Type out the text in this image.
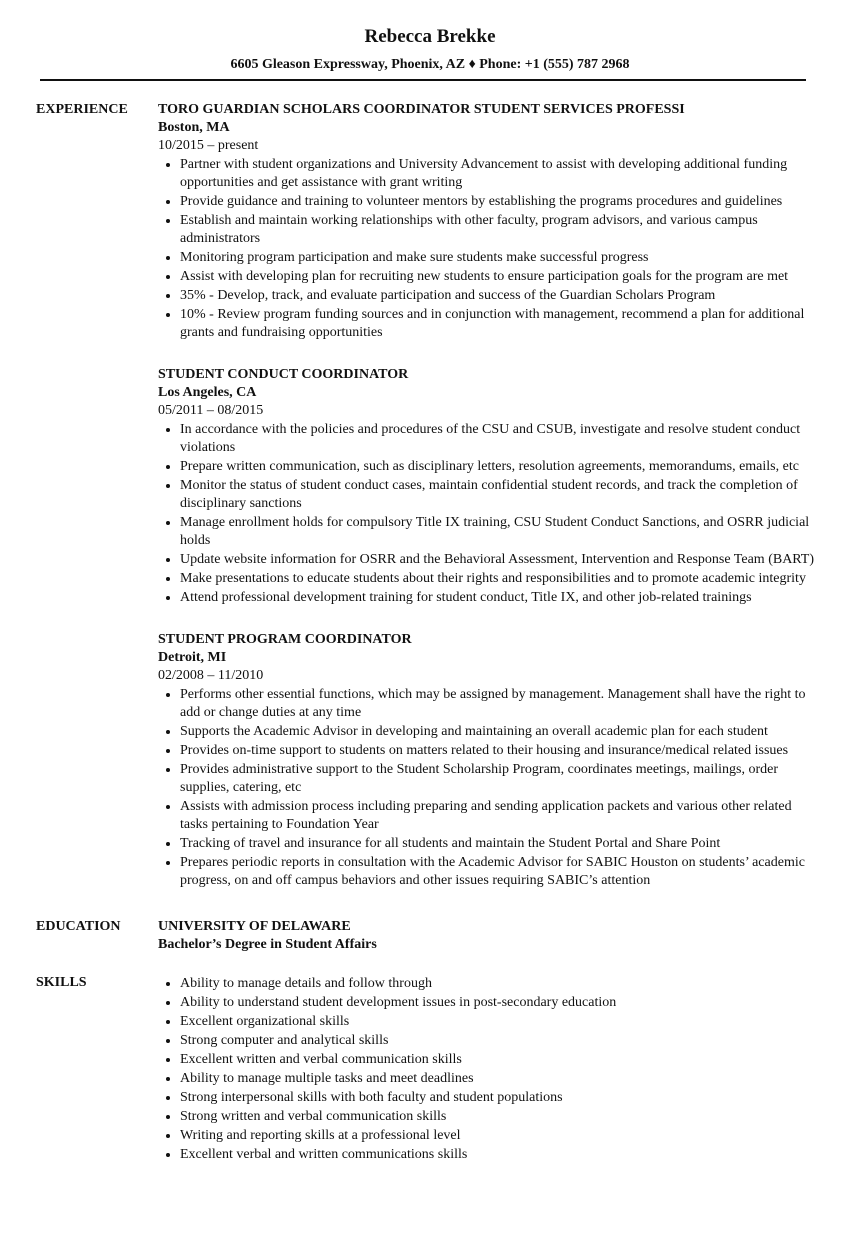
Rebecca Brekke
6605 Gleason Expressway, Phoenix, AZ ♦ Phone: +1 (555) 787 2968
EXPERIENCE TORO GUARDIAN SCHOLARS COORDINATOR STUDENT SERVICES PROFESSI
Boston, MA
10/2015 – present
• Partner with student organizations and University Advancement to assist with developing additional funding opportunities and get assistance with grant writing
• Provide guidance and training to volunteer mentors by establishing the programs procedures and guidelines
• Establish and maintain working relationships with other faculty, program advisors, and various campus administrators
• Monitoring program participation and make sure students make successful progress
• Assist with developing plan for recruiting new students to ensure participation goals for the program are met
• 35% - Develop, track, and evaluate participation and success of the Guardian Scholars Program
• 10% - Review program funding sources and in conjunction with management, recommend a plan for additional grants and fundraising opportunities
STUDENT CONDUCT COORDINATOR
Los Angeles, CA
05/2011 – 08/2015
• In accordance with the policies and procedures of the CSU and CSUB, investigate and resolve student conduct violations
• Prepare written communication, such as disciplinary letters, resolution agreements, memorandums, emails, etc
• Monitor the status of student conduct cases, maintain confidential student records, and track the completion of disciplinary sanctions
• Manage enrollment holds for compulsory Title IX training, CSU Student Conduct Sanctions, and OSRR judicial holds
• Update website information for OSRR and the Behavioral Assessment, Intervention and Response Team (BART)
• Make presentations to educate students about their rights and responsibilities and to promote academic integrity
• Attend professional development training for student conduct, Title IX, and other job-related trainings
STUDENT PROGRAM COORDINATOR
Detroit, MI
02/2008 – 11/2010
• Performs other essential functions, which may be assigned by management. Management shall have the right to add or change duties at any time
• Supports the Academic Advisor in developing and maintaining an overall academic plan for each student
• Provides on-time support to students on matters related to their housing and insurance/medical related issues
• Provides administrative support to the Student Scholarship Program, coordinates meetings, mailings, order supplies, catering, etc
• Assists with admission process including preparing and sending application packets and various other related tasks pertaining to Foundation Year
• Tracking of travel and insurance for all students and maintain the Student Portal and Share Point
• Prepares periodic reports in consultation with the Academic Advisor for SABIC Houston on students’ academic progress, on and off campus behaviors and other issues requiring SABIC’s attention
EDUCATION	UNIVERSITY OF DELAWARE
Bachelor’s Degree in Student Affairs
SKILLS
•	Ability to manage details and follow through
• Ability to understand student development issues in post-secondary education
• Excellent organizational skills
• Strong computer and analytical skills
• Excellent written and verbal communication skills
• Ability to manage multiple tasks and meet deadlines
• Strong interpersonal skills with both faculty and student populations
• Strong written and verbal communication skills
• Writing and reporting skills at a professional level
• Excellent verbal and written communications skills
